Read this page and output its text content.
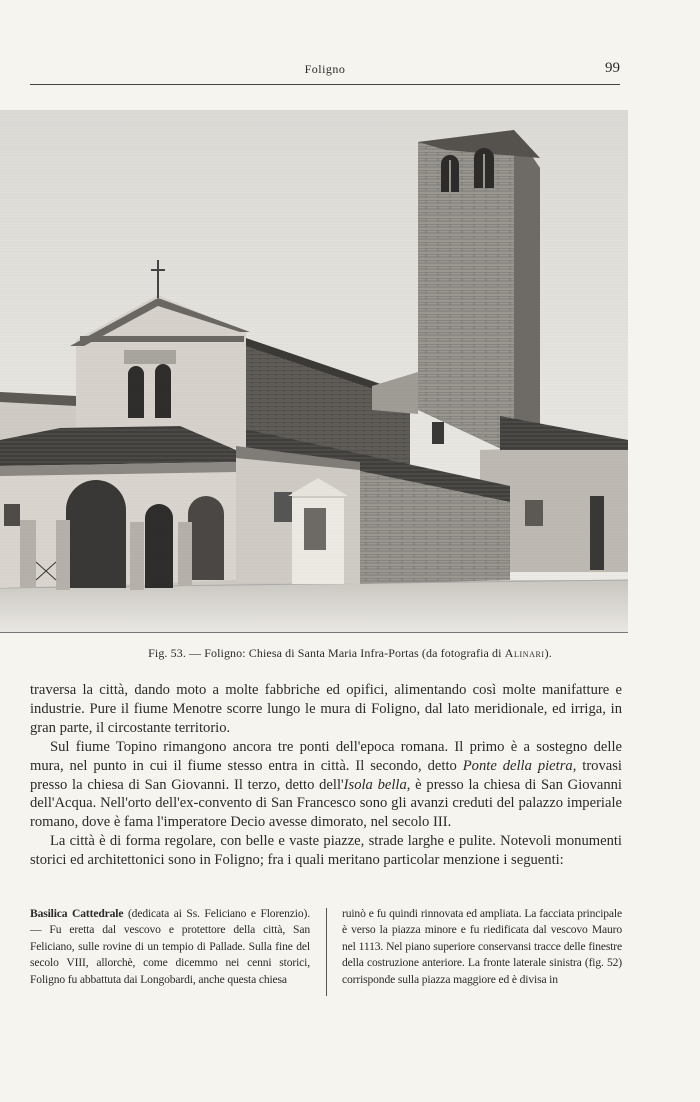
Foligno	99
Fig. 53. — Foligno: Chiesa di Santa Maria Infra-Portas (da fotografia di Alinari).

traversa la città, dando moto a molte fabbriche ed opifici, alimentando così molte manifatture e industrie. Pure il fiume Menotre scorre lungo le mura di Foligno, dal lato meridionale, ed irriga, in gran parte, il circostante territorio.

Sul fiume Topino rimangono ancora tre ponti dell'epoca romana. Il primo è a sostegno delle mura, nel punto in cui il fiume stesso entra in città. Il secondo, detto Ponte della pietra, trovasi presso la chiesa di San Giovanni. Il terzo, detto dell'Isola bella, è presso la chiesa di San Giovanni dell'Acqua. Nell'orto dell'ex-convento di San Francesco sono gli avanzi creduti del palazzo imperiale romano, dove è fama l'imperatore Decio avesse dimorato, nel secolo III.

La città è di forma regolare, con belle e vaste piazze, strade larghe e pulite. Notevoli monumenti storici ed architettonici sono in Foligno; fra i quali meritano particolar menzione i seguenti:

Basilica Cattedrale (dedicata ai Ss. Feliciano e Florenzio). — Fu eretta dal vescovo e protettore della città, San Feliciano, sulle rovine di un tempio di Pallade. Sulla fine del secolo VIII, allorchè, come dicemmo nei cenni storici, Foligno fu abbattuta dai Longobardi, anche questa chiesa
ruinò e fu quindi rinnovata ed ampliata. La facciata principale è verso la piazza minore e fu riedificata dal vescovo Mauro nel 1113. Nel piano superiore conservansi tracce delle finestre della costruzione anteriore. La fronte laterale sinistra (fig. 52) corrisponde sulla piazza maggiore ed è divisa in
